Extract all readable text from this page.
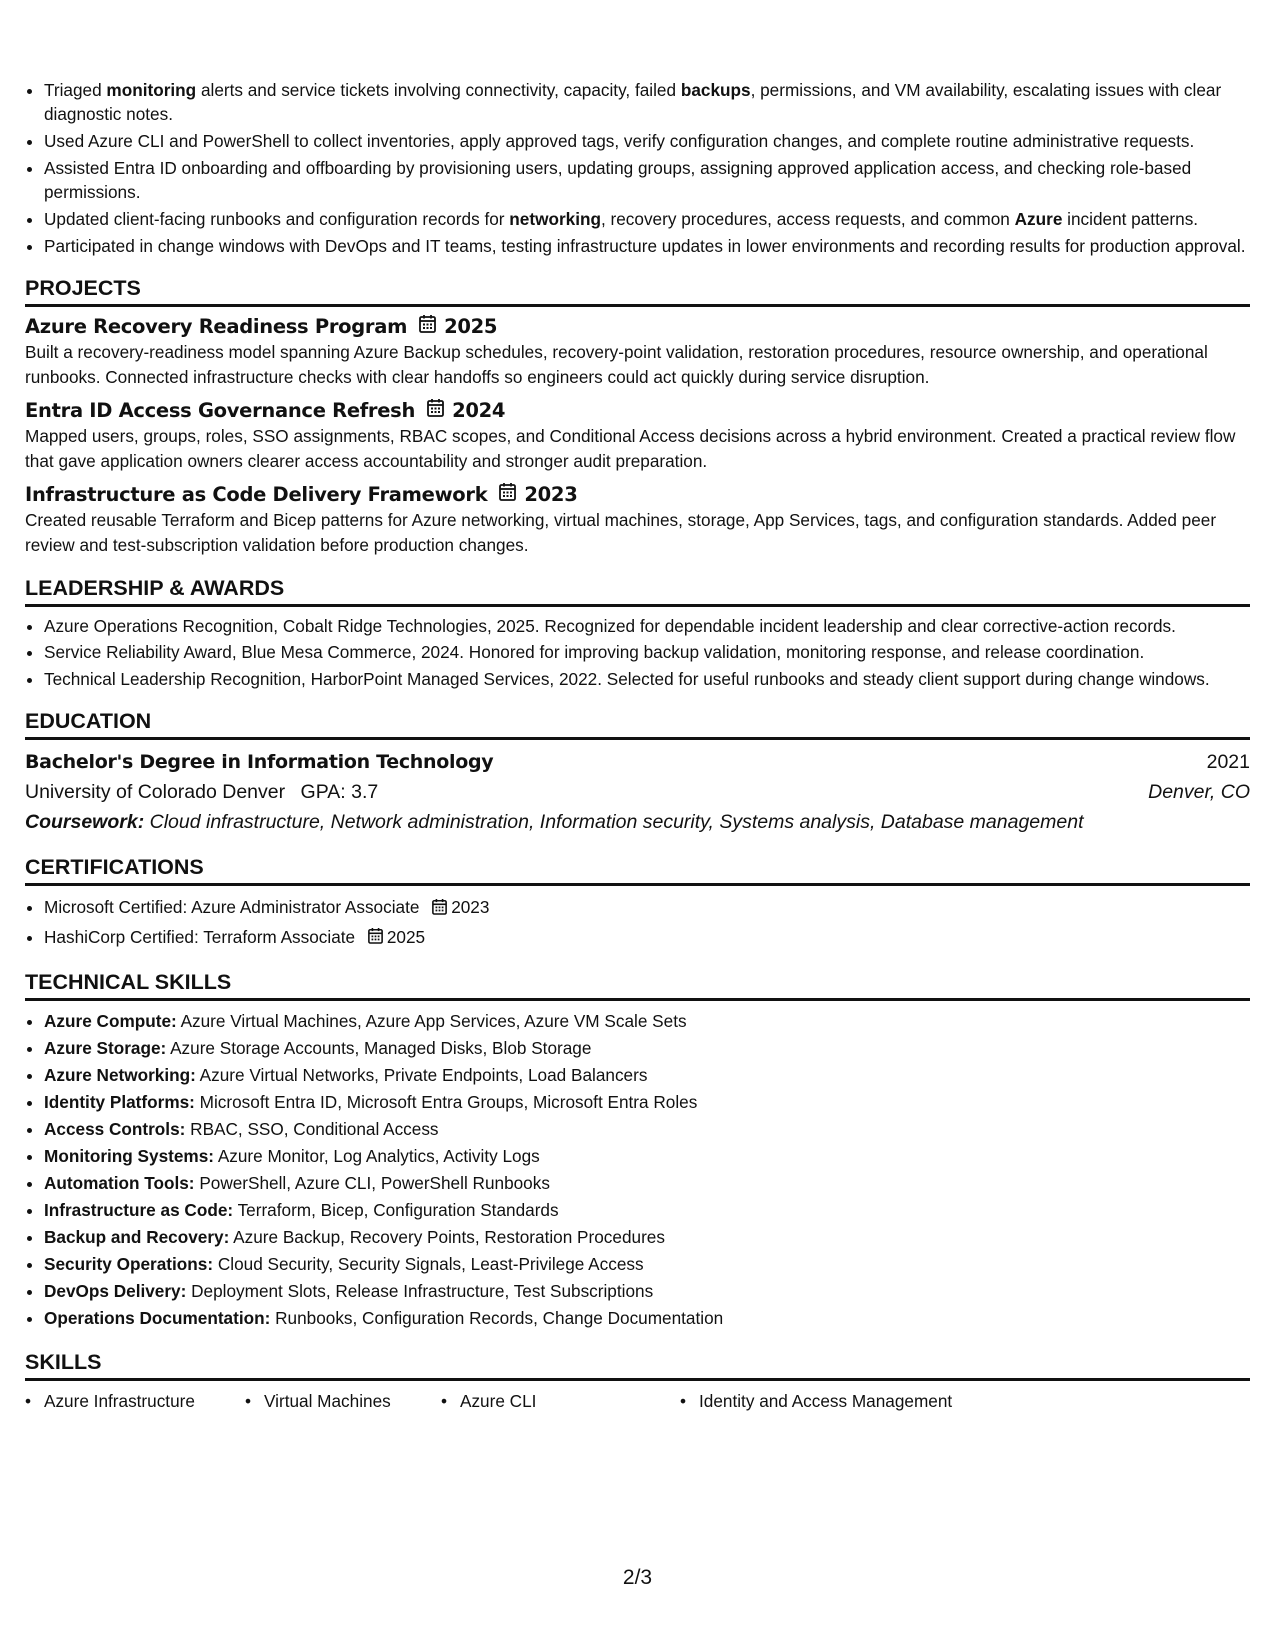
• Triaged monitoring alerts and service tickets involving connectivity, capacity, failed backups, permissions, and VM availability, escalating issues with clear diagnostic notes.
• Used Azure CLI and PowerShell to collect inventories, apply approved tags, verify configuration changes, and complete routine administrative requests.
• Assisted Entra ID onboarding and offboarding by provisioning users, updating groups, assigning approved application access, and checking role-based permissions.
• Updated client-facing runbooks and configuration records for networking, recovery procedures, access requests, and common Azure incident patterns.
• Participated in change windows with DevOps and IT teams, testing infrastructure updates in lower environments and recording results for production approval.
PROJECTS
Azure Recovery Readiness Program 2025
Built a recovery-readiness model spanning Azure Backup schedules, recovery-point validation, restoration procedures, resource ownership, and operational runbooks. Connected infrastructure checks with clear handoffs so engineers could act quickly during service disruption.
Entra ID Access Governance Refresh 2024
Mapped users, groups, roles, SSO assignments, RBAC scopes, and Conditional Access decisions across a hybrid environment. Created a practical review flow that gave application owners clearer access accountability and stronger audit preparation.
Infrastructure as Code Delivery Framework 2023
Created reusable Terraform and Bicep patterns for Azure networking, virtual machines, storage, App Services, tags, and configuration standards. Added peer review and test-subscription validation before production changes.
LEADERSHIP & AWARDS
• Azure Operations Recognition, Cobalt Ridge Technologies, 2025. Recognized for dependable incident leadership and clear corrective-action records.
• Service Reliability Award, Blue Mesa Commerce, 2024. Honored for improving backup validation, monitoring response, and release coordination.
• Technical Leadership Recognition, HarborPoint Managed Services, 2022. Selected for useful runbooks and steady client support during change windows.
EDUCATION
Bachelor's Degree in Information Technology	2021
University of Colorado Denver GPA: 3.7	Denver, CO
Coursework: Cloud infrastructure, Network administration, Information security, Systems analysis, Database management
CERTIFICATIONS
• Microsoft Certified: Azure Administrator Associate 2023
• HashiCorp Certified: Terraform Associate 2025
TECHNICAL SKILLS
• Azure Compute: Azure Virtual Machines, Azure App Services, Azure VM Scale Sets
• Azure Storage: Azure Storage Accounts, Managed Disks, Blob Storage
• Azure Networking: Azure Virtual Networks, Private Endpoints, Load Balancers
• Identity Platforms: Microsoft Entra ID, Microsoft Entra Groups, Microsoft Entra Roles
• Access Controls: RBAC, SSO, Conditional Access
• Monitoring Systems: Azure Monitor, Log Analytics, Activity Logs
• Automation Tools: PowerShell, Azure CLI, PowerShell Runbooks
• Infrastructure as Code: Terraform, Bicep, Configuration Standards
• Backup and Recovery: Azure Backup, Recovery Points, Restoration Procedures
• Security Operations: Cloud Security, Security Signals, Least-Privilege Access
• DevOps Delivery: Deployment Slots, Release Infrastructure, Test Subscriptions
• Operations Documentation: Runbooks, Configuration Records, Change Documentation
SKILLS
• Azure Infrastructure	• Virtual Machines	• Azure CLI	• Identity and Access Management
2/3
